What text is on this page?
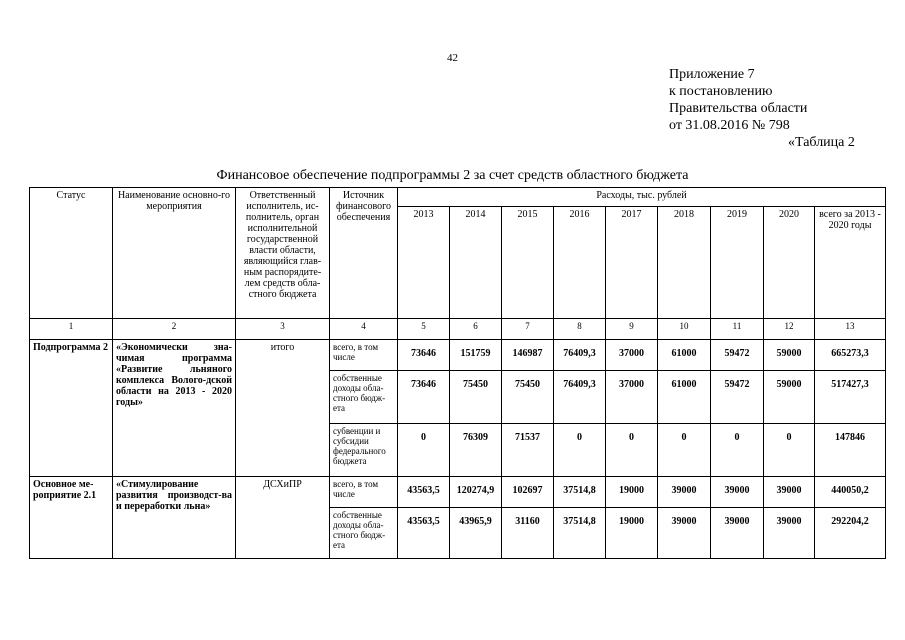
42
Приложение 7
к постановлению
Правительства области
от 31.08.2016 № 798
«Таблица 2
Финансовое обеспечение подпрограммы 2 за счет средств областного бюджета
Статус	Наименование основно-го мероприятия	Ответственный исполнитель, ис-полнитель, орган исполнительной государственной власти области, являющийся глав-ным распорядите-лем средств обла-стного бюджета	Источник финансового обеспечения	Расходы, тыс. рублей								
				2013	2014	2015	2016	2017	2018	2019	2020	всего за 2013 - 2020 годы
1	2	3	4	5	6	7	8	9	10	11	12	13
Подпрограмма 2	«Экономически зна-чимая программа «Развитие льняного комплекса Волого-дской области на 2013 - 2020 годы»	итого	всего, в том числе	73646	151759	146987	76409,3	37000	61000	59472	59000	665273,3
			собственные доходы обла-стного бюдж-ета	73646	75450	75450	76409,3	37000	61000	59472	59000	517427,3
			субвенции и субсидии федерального бюджета	0	76309	71537	0	0	0	0	0	147846
Основное ме-роприятие 2.1	«Стимулирование развития производст-ва и переработки льна»	ДСХиПР	всего, в том числе	43563,5	120274,9	102697	37514,8	19000	39000	39000	39000	440050,2
			собственные доходы обла-стного бюдж-ета	43563,5	43965,9	31160	37514,8	19000	39000	39000	39000	292204,2
